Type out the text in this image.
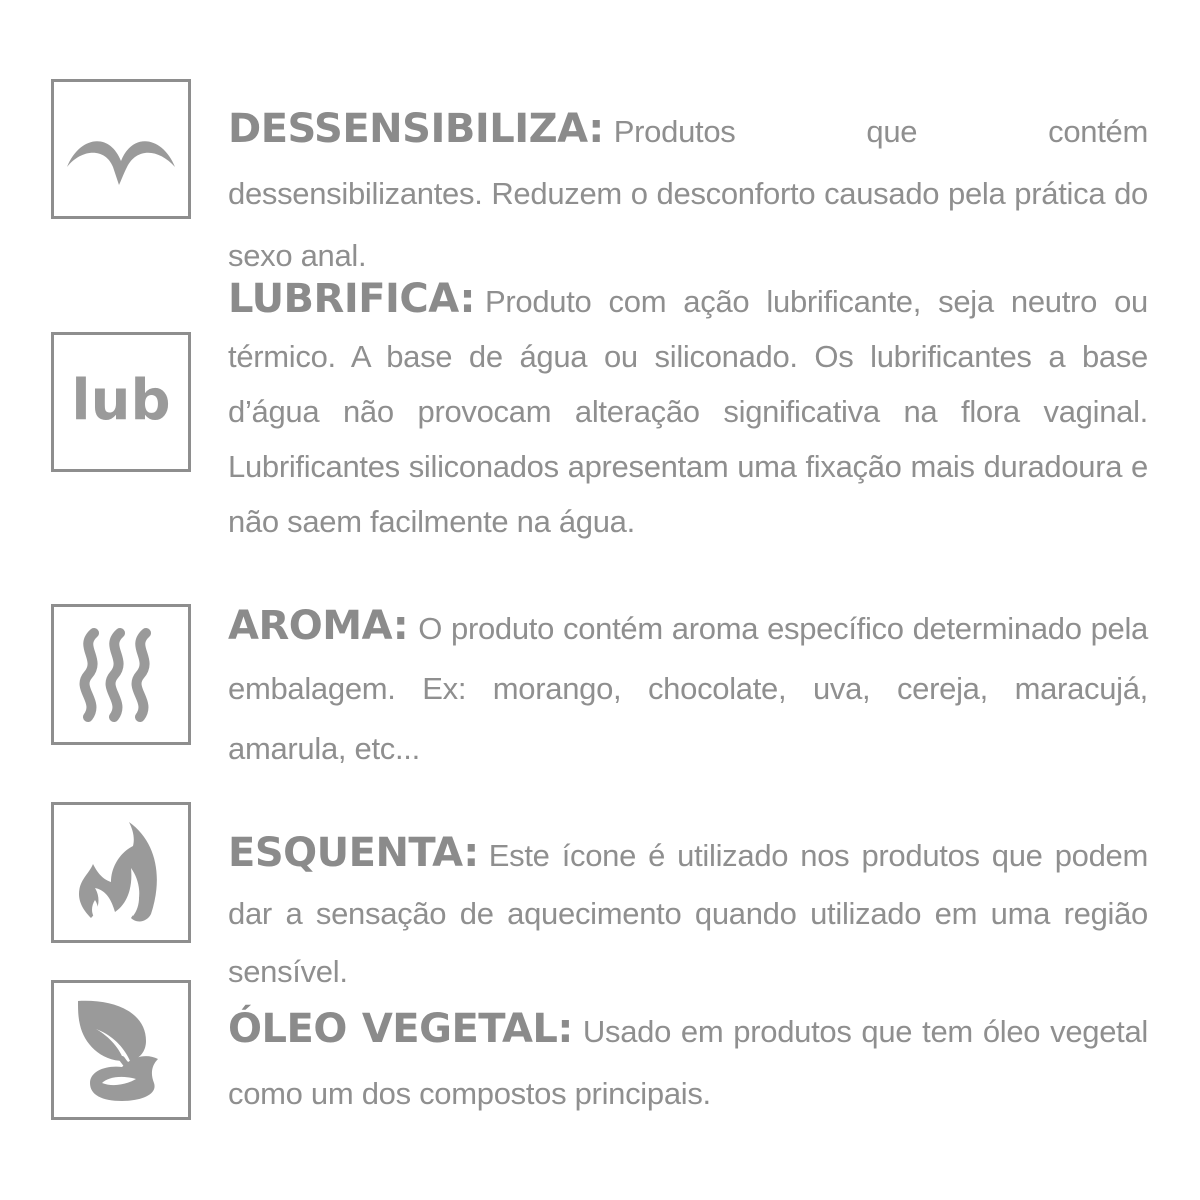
DESSENSIBILIZA: Produtos que contém dessensibilizantes. Reduzem o desconforto causado pela prática do sexo anal.

lub

LUBRIFICA: Produto com ação lubrificante, seja neutro ou térmico. A base de água ou siliconado. Os lubrificantes a base d’água não provocam alteração significativa na flora vaginal. Lubrificantes siliconados apresentam uma fixação mais duradoura e não saem facilmente na água.

AROMA: O produto contém aroma específico determinado pela embalagem. Ex: morango, chocolate, uva, cereja, maracujá, amarula, etc...

ESQUENTA: Este ícone é utilizado nos produtos que podem dar a sensação de aquecimento quando utilizado em uma região sensível.

ÓLEO VEGETAL: Usado em produtos que tem óleo vegetal como um dos compostos principais.
